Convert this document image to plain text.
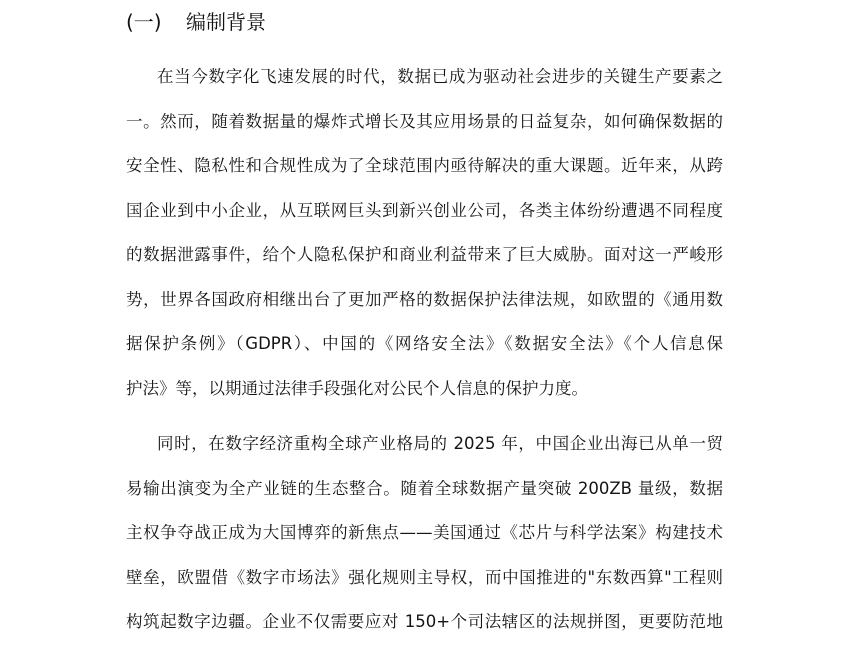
(一)	编制背景
在当今数字化飞速发展的时代，数据已成为驱动社会进步的关键生产要素之
一。然而，随着数据量的爆炸式增长及其应用场景的日益复杂，如何确保数据的
安全性、隐私性和合规性成为了全球范围内亟待解决的重大课题。近年来，从跨
国企业到中小企业，从互联网巨头到新兴创业公司，各类主体纷纷遭遇不同程度
的数据泄露事件，给个人隐私保护和商业利益带来了巨大威胁。面对这一严峻形
势，世界各国政府相继出台了更加严格的数据保护法律法规，如欧盟的《通用数
据保护条例》（GDPR）、中国的《网络安全法》《数据安全法》《个人信息保
护法》等，以期通过法律手段强化对公民个人信息的保护力度。
同时，在数字经济重构全球产业格局的 2025 年，中国企业出海已从单一贸
易输出演变为全产业链的生态整合。随着全球数据产量突破 200ZB 量级，数据
主权争夺战正成为大国博弈的新焦点——美国通过《芯片与科学法案》构建技术
壁垒，欧盟借《数字市场法》强化规则主导权，而中国推进的"东数西算"工程则
构筑起数字边疆。企业不仅需要应对 150+个司法辖区的法规拼图，更要防范地
